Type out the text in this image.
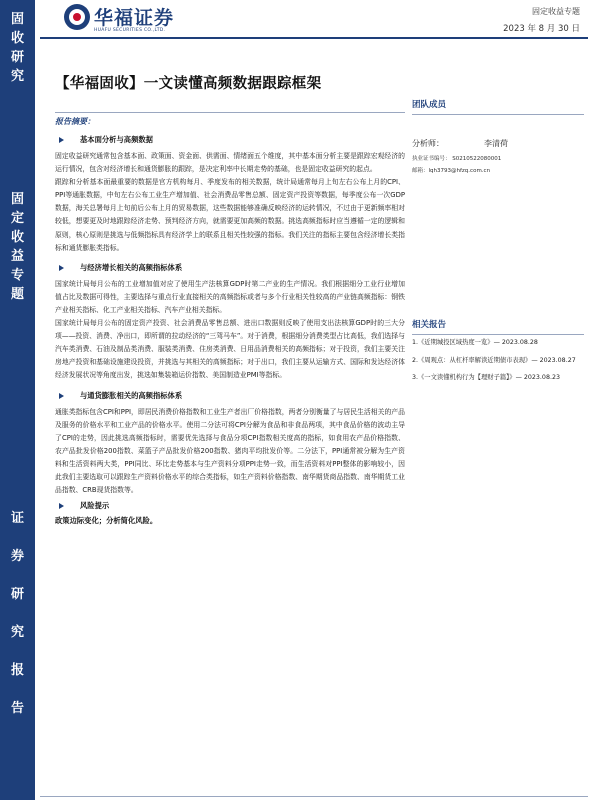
固
收
研
究
固
定
收
益
专
题
证
券
研
究
报
告
华福证券
HUAFU SECURITIES CO.,LTD.
固定收益专题
2023 年 8 月 30 日
【华福固收】一文读懂高频数据跟踪框架
报告摘要：
基本面分析与高频数据

固定收益研究通常包含基本面、政策面、资金面、供需面、情绪面五个维度，其中基本面分析主要是跟踪宏观经济的运行情况，包含对经济增长和通货膨胀的跟踪，是决定利率中长期走势的基础，也是固定收益研究的起点。

跟踪和分析基本面最重要的数据是官方机构每月、季度发布的相关数据，统计局通常每月上旬左右公布上月的CPI、PPI等通胀数据，中旬左右公布工业生产增加值、社会消费品零售总额、固定资产投资等数据，每季度公布一次GDP数据，海关总署每月上旬前后公布上月的贸易数据，这些数据能够准确反映经济的运转情况，不过由于更新频率相对较低，想要更及时地跟踪经济走势、预判经济方向，就需要更加高频的数据。挑选高频指标时应当遵循一定的逻辑和原则，核心原则是挑选与低频指标具有经济学上的联系且相关性较强的指标。我们关注的指标主要包含经济增长类指标和通货膨胀类指标。

与经济增长相关的高频指标体系

国家统计局每月公布的工业增加值对应了使用生产法核算GDP时第二产业的生产情况。我们根据细分工业行业增加值占比及数据可得性，主要选择与重点行业直接相关的高频指标或者与多个行业相关性较高的产业链高频指标：钢铁产业相关指标、化工产业相关指标、汽车产业相关指标。

国家统计局每月公布的固定资产投资、社会消费品零售总额、进出口数据则反映了使用支出法核算GDP时的三大分项——投资、消费、净出口，即所谓的拉动经济的“三驾马车”。对于消费，根据细分消费类型占比高低，我们选择与汽车类消费、石油及制品类消费、服装类消费、住房类消费、日用品消费相关的高频指标；对于投资，我们主要关注房地产投资和基础设施建设投资，并挑选与其相关的高频指标；对于出口，我们主要从运输方式、国际和发达经济体经济发展状况等角度出发，挑选如集装箱运价指数、美国制造业PMI等指标。

与通货膨胀相关的高频指标体系

通胀类指标包含CPI和PPI，即居民消费价格指数和工业生产者出厂价格指数，两者分别衡量了与居民生活相关的产品及服务的价格水平和工业产品的价格水平。使用二分法可将CPI分解为食品和非食品两项，其中食品价格的波动主导了CPI的走势，因此挑选高频指标时，需要优先选择与食品分项CPI指数相关度高的指标，如食用农产品价格指数、农产品批发价格200指数、菜篮子产品批发价格200指数、猪肉平均批发价等。二分法下，PPI通常被分解为生产资料和生活资料两大类，PPI同比、环比走势基本与生产资料分项PPI走势一致，而生活资料对PPI整体的影响较小，因此我们主要选取可以跟踪生产资料价格水平的综合类指标，如生产资料价格指数、南华期货商品指数、南华期货工业品指数、CRB现货指数等。

风险提示
政策边际变化；分析简化风险。
团队成员
分析师：	李清荷
执业证书编号： S0210522080001
邮箱：lqh3793@hfzq.com.cn
相关报告
1.《近期城投区域热度一览》— 2023.08.28
2.《周观点：从杠杆率解读近期债市表现》— 2023.08.27
3.《一文读懂机构行为【理财子篇】》— 2023.08.23
